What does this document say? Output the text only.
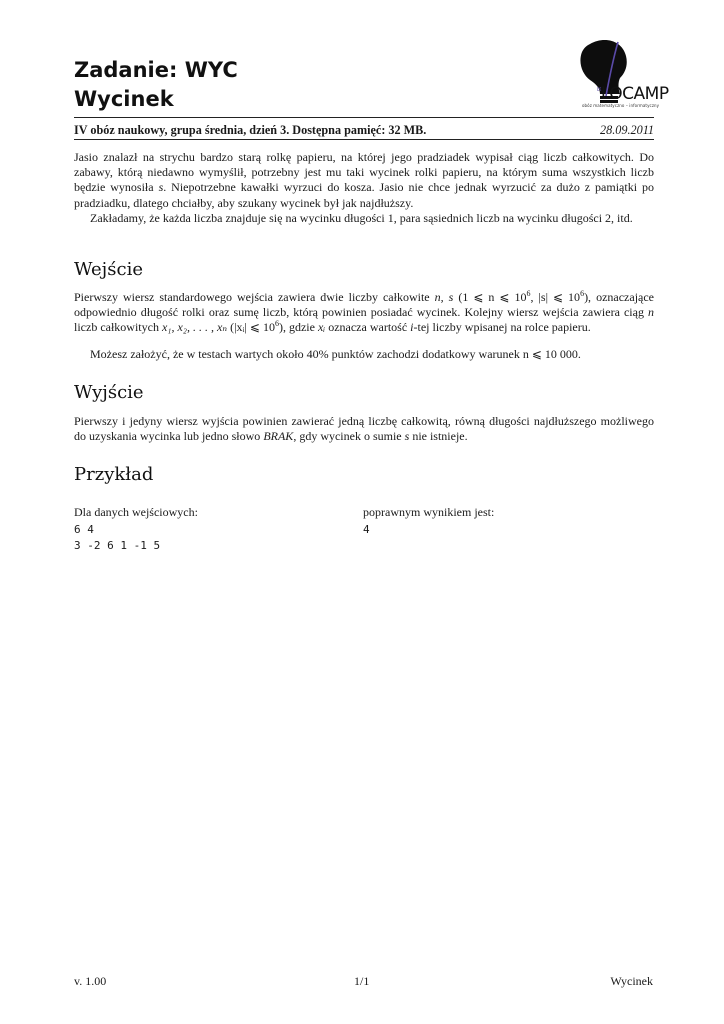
Zadanie: WYC
Wycinek	$^{IX}$LOCAMP
obóz matematyczno – informatyczny
IV obóz naukowy, grupa średnia, dzień 3. Dostępna pamięć: 32 MB.	28.09.2011
Jasio znalazł na strychu bardzo starą rolkę papieru, na której jego pradziadek wypisał ciąg liczb całkowitych. Do zabawy, którą niedawno wymyślił, potrzebny jest mu taki wycinek rolki papieru, na którym suma wszystkich liczb będzie wynosiła s. Niepotrzebne kawałki wyrzuci do kosza. Jasio nie chce jednak wyrzucić za dużo z pamiątki po pradziadku, dlatego chciałby, aby szukany wycinek był jak najdłuższy.
Zakładamy, że każda liczba znajduje się na wycinku długości 1, para sąsiednich liczb na wycinku długości 2, itd.
Wejście
Pierwszy wiersz standardowego wejścia zawiera dwie liczby całkowite n, s (1 ⩽ n ⩽ $10^6$, |s| ⩽ $10^6$), oznaczające odpowiednio długość rolki oraz sumę liczb, którą powinien posiadać wycinek. Kolejny wiersz wejścia zawiera ciąg n liczb całkowitych x₁, x₂, . . . , xₙ (|xᵢ| ⩽ $10^6$), gdzie xᵢ oznacza wartość i-tej liczby wpisanej na rolce papieru.
Możesz założyć, że w testach wartych około 40% punktów zachodzi dodatkowy warunek n ⩽ 10 000.
Wyjście
Pierwszy i jedyny wiersz wyjścia powinien zawierać jedną liczbę całkowitą, równą długości najdłuższego możliwego do uzyskania wycinka lub jedno słowo BRAK, gdy wycinek o sumie s nie istnieje.
Przykład
Dla danych wejściowych:	poprawnym wynikiem jest:
6 4
3 -2 6 1 -1 5
4
v. 1.00	1/1	Wycinek
